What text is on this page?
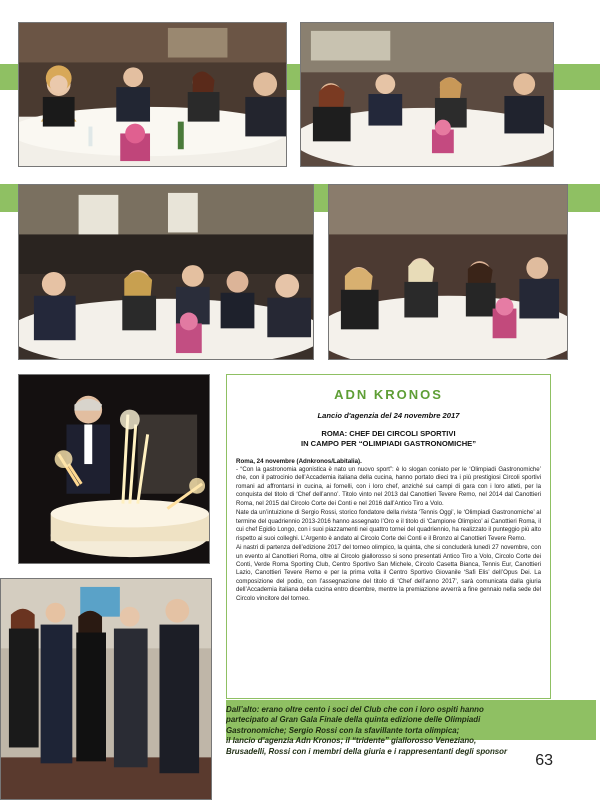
ADN KRONOS
Lancio d'agenzia del 24 novembre 2017
ROMA: CHEF DEI CIRCOLI SPORTIVI
IN CAMPO PER “OLIMPIADI GASTRONOMICHE”
Roma, 24 novembre (Adnkronos/Labitalia).

- “Con la gastronomia agonistica è nato un nuovo sport”: è lo slogan coniato per le ‘Olimpiadi Gastronomiche’ che, con il patrocinio dell’Accademia italiana della cucina, hanno portato dieci tra i più prestigiosi Circoli sportivi romani ad affrontarsi in cucina, ai fornelli, con i loro chef, anziché sui campi di gara con i loro atleti, per la conquista del titolo di ‘Chef dell’anno’. Titolo vinto nel 2013 dal Canottieri Tevere Remo, nel 2014 dal Canottieri Roma, nel 2015 dal Circolo Corte dei Conti e nel 2016 dall’Antico Tiro a Volo.

Nate da un’intuizione di Sergio Rossi, storico fondatore della rivista ‘Tennis Oggi’, le ‘Olimpiadi Gastronomiche’ al termine del quadriennio 2013-2016 hanno assegnato l’Oro e il titolo di ‘Campione Olimpico’ ai Canottieri Roma, il cui chef Egidio Longo, con i suoi piazzamenti nei quattro tornei del quadriennio, ha realizzato il punteggio più alto rispetto ai suoi colleghi. L’Argento è andato al Circolo Corte dei Conti e il Bronzo al Canottieri Tevere Remo.

Ai nastri di partenza dell’edizione 2017 del torneo olimpico, la quinta, che si concluderà lunedì 27 novembre, con un evento al Canottieri Roma, oltre al Circolo giallorosso si sono presentati Antico Tiro a Volo, Circolo Corte dei Conti, Verde Roma Sporting Club, Centro Sportivo San Michele, Circolo Casetta Bianca, Tennis Eur, Canottieri Lazio, Canottieri Tevere Remo e per la prima volta il Centro Sportivo Giovanile ‘Safi Elis’ dell’Opus Dei. La composizione del podio, con l’assegnazione del titolo di ‘Chef dell’anno 2017’, sarà comunicata dalla giuria dell’Accademia italiana della cucina entro dicembre, mentre la premiazione avverrà a fine gennaio nella sede del Circolo vincitore del torneo.

Dall’alto: erano oltre cento i soci del Club che con i loro ospiti hanno
partecipato al Gran Gala Finale della quinta edizione delle Olimpiadi
Gastronomiche; Sergio Rossi con la sfavillante torta olimpica;
il lancio d’agenzia Adn Kronos; il “tridente” giallorosso Veneziano,
Brusadelli, Rossi con i membri della giuria e i rappresentanti degli sponsor
63
